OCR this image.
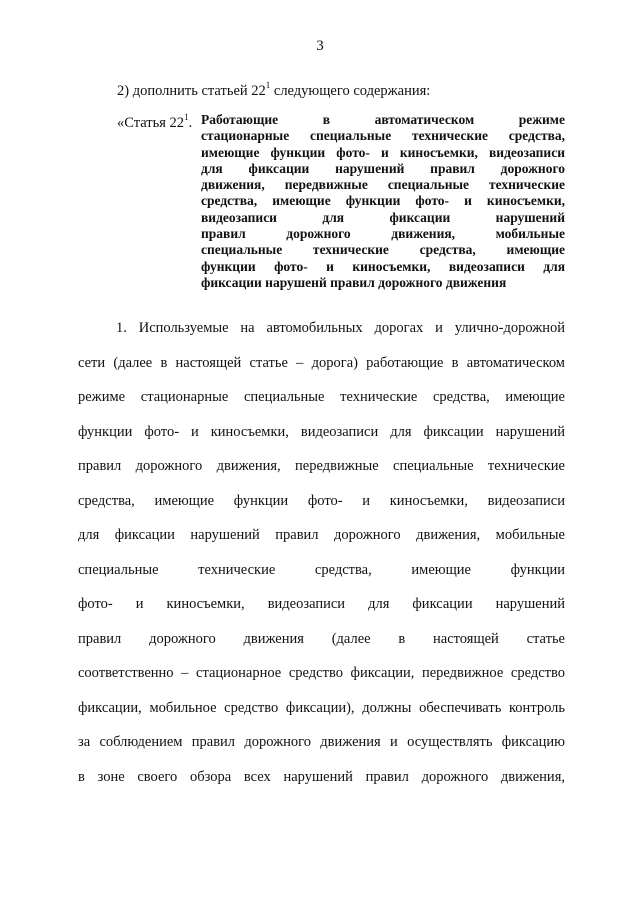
3
2) дополнить статьей $22^1$ следующего содержания:
«Статья $22^1$. Работающие в автоматическом режиме
стационарные специальные технические средства,
имеющие функции фото- и киносъемки, видеозаписи
для фиксации нарушений правил дорожного
движения, передвижные специальные технические
средства, имеющие функции фото- и киносъемки,
видеозаписи для фиксации нарушений
правил дорожного движения, мобильные
специальные технические средства, имеющие
функции фото- и киносъемки, видеозаписи для
фиксации нарушенй правил дорожного движения
1. Используемые на автомобильных дорогах и улично-дорожной
сети (далее в настоящей статье – дорога) работающие в автоматическом
режиме стационарные специальные технические средства, имеющие
функции фото- и киносъемки, видеозаписи для фиксации нарушений
правил дорожного движения, передвижные специальные технические
средства, имеющие функции фото- и киносъемки, видеозаписи
для фиксации нарушений правил дорожного движения, мобильные
специальные технические средства, имеющие функции
фото- и киносъемки, видеозаписи для фиксации нарушений
правил дорожного движения (далее в настоящей статье
соответственно – стационарное средство фиксации, передвижное средство
фиксации, мобильное средство фиксации), должны обеспечивать контроль
за соблюдением правил дорожного движения и осуществлять фиксацию
в зоне своего обзора всех нарушений правил дорожного движения,
